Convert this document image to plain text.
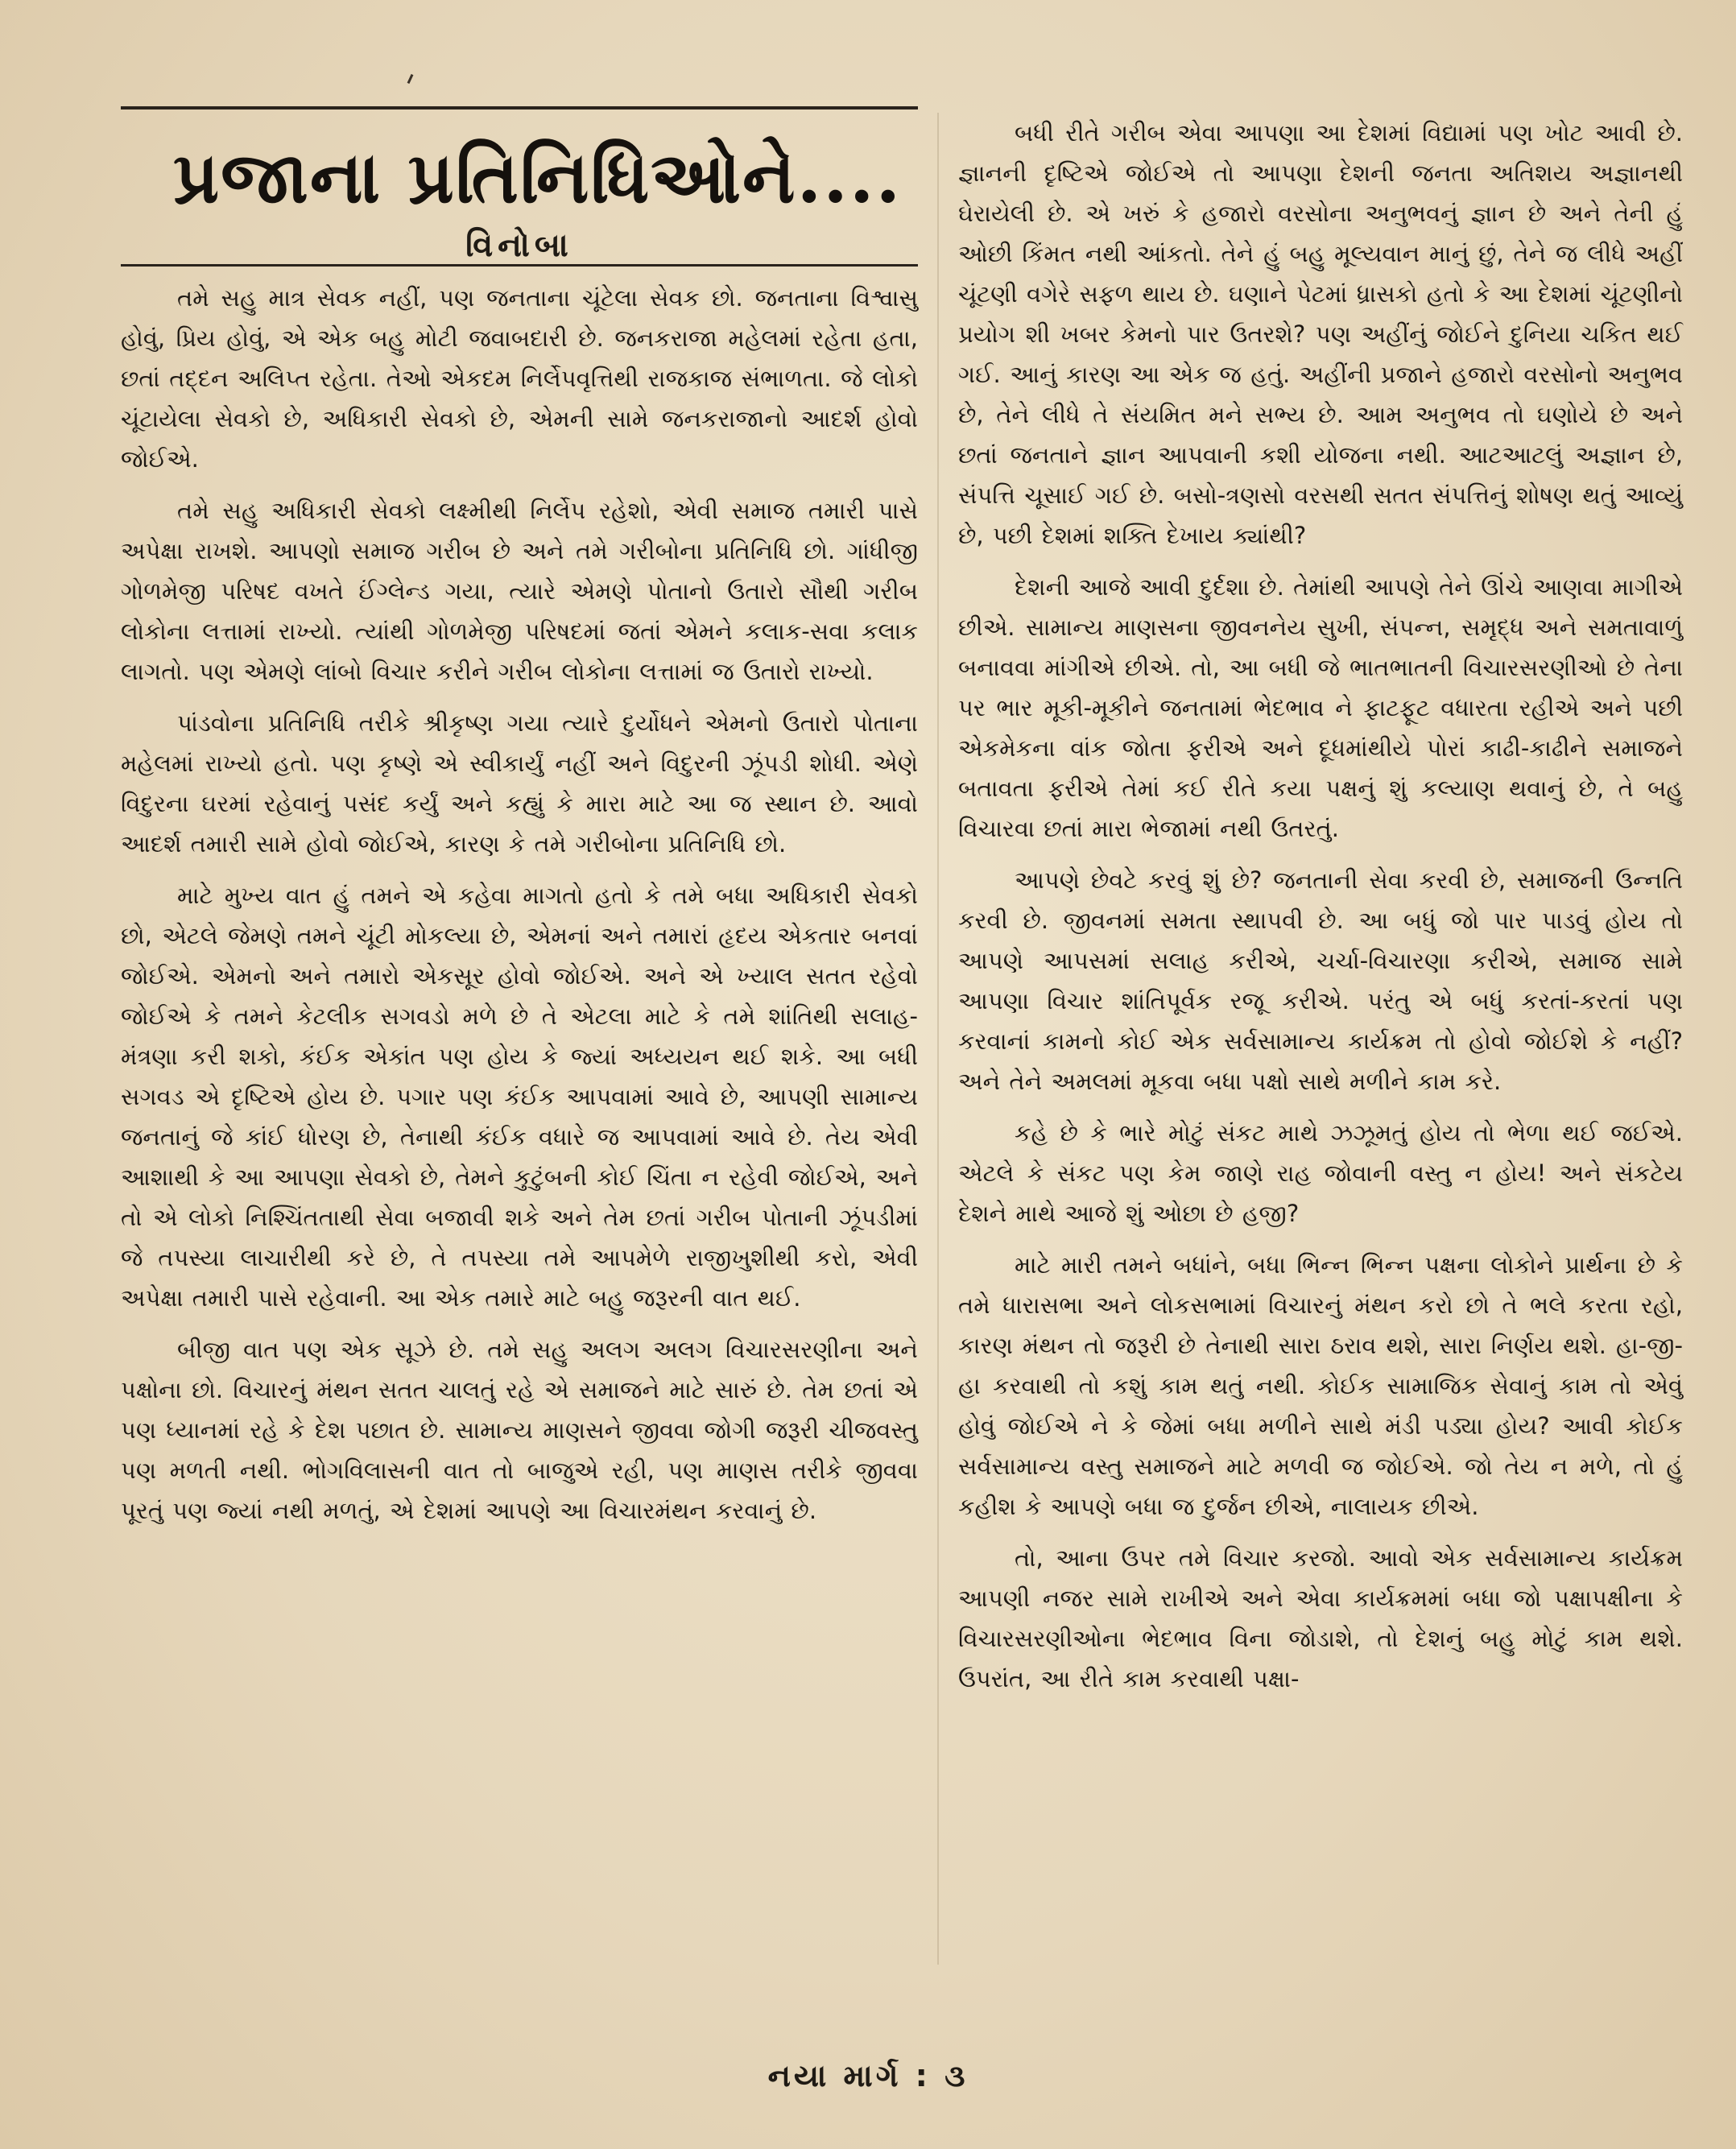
પ્રજાના પ્રતિનિધિઓને....
વિનોબા

તમે સહુ માત્ર સેવક નહીં, પણ જનતાના ચૂંટેલા સેવક છો. જનતાના વિશ્વાસુ હોવું, પ્રિય હોવું, એ એક બહુ મોટી જવાબદારી છે. જનકરાજા મહેલમાં રહેતા હતા, છતાં તદ્દન અલિપ્ત રહેતા. તેઓ એકદમ નિર્લેપવૃત્તિથી રાજકાજ સંભાળતા. જે લોકો ચૂંટાયેલા સેવકો છે, અધિકારી સેવકો છે, એમની સામે જનકરાજાનો આદર્શ હોવો જોઈએ.

તમે સહુ અધિકારી સેવકો લક્ષ્મીથી નિર્લેપ રહેશો, એવી સમાજ તમારી પાસે અપેક્ષા રાખશે. આપણો સમાજ ગરીબ છે અને તમે ગરીબોના પ્રતિનિધિ છો. ગાંધીજી ગોળમેજી પરિષદ વખતે ઈંગ્લેન્ડ ગયા, ત્યારે એમણે પોતાનો ઉતારો સૌથી ગરીબ લોકોના લત્તામાં રાખ્યો. ત્યાંથી ગોળમેજી પરિષદમાં જતાં એમને કલાક-સવા કલાક લાગતો. પણ એમણે લાંબો વિચાર કરીને ગરીબ લોકોના લત્તામાં જ ઉતારો રાખ્યો.

પાંડવોના પ્રતિનિધિ તરીકે શ્રીકૃષ્ણ ગયા ત્યારે દુર્યોધને એમનો ઉતારો પોતાના મહેલમાં રાખ્યો હતો. પણ કૃષ્ણે એ સ્વીકાર્યું નહીં અને વિદુરની ઝૂંપડી શોધી. એણે વિદુરના ઘરમાં રહેવાનું પસંદ કર્યું અને કહ્યું કે મારા માટે આ જ સ્થાન છે. આવો આદર્શ તમારી સામે હોવો જોઈએ, કારણ કે તમે ગરીબોના પ્રતિનિધિ છો.

માટે મુખ્ય વાત હું તમને એ કહેવા માગતો હતો કે તમે બધા અધિકારી સેવકો છો, એટલે જેમણે તમને ચૂંટી મોકલ્યા છે, એમનાં અને તમારાં હૃદય એકતાર બનવાં જોઈએ. એમનો અને તમારો એકસૂર હોવો જોઈએ. અને એ ખ્યાલ સતત રહેવો જોઈએ કે તમને કેટલીક સગવડો મળે છે તે એટલા માટે કે તમે શાંતિથી સલાહ-મંત્રણા કરી શકો, કંઈક એકાંત પણ હોય કે જ્યાં અધ્યયન થઈ શકે. આ બધી સગવડ એ દૃષ્ટિએ હોય છે. પગાર પણ કંઈક આપવામાં આવે છે, આપણી સામાન્ય જનતાનું જે કાંઈ ધોરણ છે, તેનાથી કંઈક વધારે જ આપવામાં આવે છે. તેય એવી આશાથી કે આ આપણા સેવકો છે, તેમને કુટુંબની કોઈ ચિંતા ન રહેવી જોઈએ, અને તો એ લોકો નિશ્ચિંતતાથી સેવા બજાવી શકે અને તેમ છતાં ગરીબ પોતાની ઝૂંપડીમાં જે તપસ્યા લાચારીથી કરે છે, તે તપસ્યા તમે આપમેળે રાજીખુશીથી કરો, એવી અપેક્ષા તમારી પાસે રહેવાની. આ એક તમારે માટે બહુ જરૂરની વાત થઈ.

બીજી વાત પણ એક સૂઝે છે. તમે સહુ અલગ અલગ વિચારસરણીના અને પક્ષોના છો. વિચારનું મંથન સતત ચાલતું રહે એ સમાજને માટે સારું છે. તેમ છતાં એ પણ ધ્યાનમાં રહે કે દેશ પછાત છે. સામાન્ય માણસને જીવવા જોગી જરૂરી ચીજવસ્તુ પણ મળતી નથી. ભોગવિલાસની વાત તો બાજુએ રહી, પણ માણસ તરીકે જીવવા પૂરતું પણ જ્યાં નથી મળતું, એ દેશમાં આપણે આ વિચારમંથન કરવાનું છે.

બધી રીતે ગરીબ એવા આપણા આ દેશમાં વિદ્યામાં પણ ખોટ આવી છે. જ્ઞાનની દૃષ્ટિએ જોઈએ તો આપણા દેશની જનતા અતિશય અજ્ઞાનથી ઘેરાયેલી છે. એ ખરું કે હજારો વરસોના અનુભવનું જ્ઞાન છે અને તેની હું ઓછી કિંમત નથી આંકતો. તેને હું બહુ મૂલ્યવાન માનું છું, તેને જ લીધે અહીં ચૂંટણી વગેરે સફળ થાય છે. ઘણાને પેટમાં ધ્રાસકો હતો કે આ દેશમાં ચૂંટણીનો પ્રયોગ શી ખબર કેમનો પાર ઉતરશે? પણ અહીંનું જોઈને દુનિયા ચકિત થઈ ગઈ. આનું કારણ આ એક જ હતું. અહીંની પ્રજાને હજારો વરસોનો અનુભવ છે, તેને લીધે તે સંયમિત મને સભ્ય છે. આમ અનુભવ તો ઘણોયે છે અને છતાં જનતાને જ્ઞાન આપવાની કશી યોજના નથી. આટઆટલું અજ્ઞાન છે, સંપત્તિ ચૂસાઈ ગઈ છે. બસો-ત્રણસો વરસથી સતત સંપત્તિનું શોષણ થતું આવ્યું છે, પછી દેશમાં શક્તિ દેખાય ક્યાંથી?

દેશની આજે આવી દુર્દશા છે. તેમાંથી આપણે તેને ઊંચે આણવા માગીએ છીએ. સામાન્ય માણસના જીવનનેય સુખી, સંપન્ન, સમૃદ્ધ અને સમતાવાળું બનાવવા માંગીએ છીએ. તો, આ બધી જે ભાતભાતની વિચારસરણીઓ છે તેના પર ભાર મૂકી-મૂકીને જનતામાં ભેદભાવ ને ફાટફૂટ વધારતા રહીએ અને પછી એકમેકના વાંક જોતા ફરીએ અને દૂધમાંથીયે પોરાં કાઢી-કાઢીને સમાજને બતાવતા ફરીએ તેમાં કઈ રીતે કયા પક્ષનું શું કલ્યાણ થવાનું છે, તે બહુ વિચારવા છતાં મારા ભેજામાં નથી ઉતરતું.

આપણે છેવટે કરવું શું છે? જનતાની સેવા કરવી છે, સમાજની ઉન્નતિ કરવી છે. જીવનમાં સમતા સ્થાપવી છે. આ બધું જો પાર પાડવું હોય તો આપણે આપસમાં સલાહ કરીએ, ચર્ચા-વિચારણા કરીએ, સમાજ સામે આપણા વિચાર શાંતિપૂર્વક રજૂ કરીએ. પરંતુ એ બધું કરતાં-કરતાં પણ કરવાનાં કામનો કોઈ એક સર્વસામાન્ય કાર્યક્રમ તો હોવો જોઈશે કે નહીં? અને તેને અમલમાં મૂકવા બધા પક્ષો સાથે મળીને કામ કરે.

કહે છે કે ભારે મોટું સંકટ માથે ઝઝૂમતું હોય તો ભેળા થઈ જઈએ. એટલે કે સંકટ પણ કેમ જાણે રાહ જોવાની વસ્તુ ન હોય! અને સંકટેય દેશને માથે આજે શું ઓછા છે હજી?

માટે મારી તમને બધાંને, બધા ભિન્ન ભિન્ન પક્ષના લોકોને પ્રાર્થના છે કે તમે ધારાસભા અને લોકસભામાં વિચારનું મંથન કરો છો તે ભલે કરતા રહો, કારણ મંથન તો જરૂરી છે તેનાથી સારા ઠરાવ થશે, સારા નિર્ણય થશે. હા-જી-હા કરવાથી તો કશું કામ થતું નથી. કોઈક સામાજિક સેવાનું કામ તો એવું હોવું જોઈએ ને કે જેમાં બધા મળીને સાથે મંડી પડ્યા હોય? આવી કોઈક સર્વસામાન્ય વસ્તુ સમાજને માટે મળવી જ જોઈએ. જો તેય ન મળે, તો હું કહીશ કે આપણે બધા જ દુર્જન છીએ, નાલાયક છીએ.

તો, આના ઉપર તમે વિચાર કરજો. આવો એક સર્વસામાન્ય કાર્યક્રમ આપણી નજર સામે રાખીએ અને એવા કાર્યક્રમમાં બધા જો પક્ષાપક્ષીના કે વિચારસરણીઓના ભેદભાવ વિના જોડાશે, તો દેશનું બહુ મોટું કામ થશે. ઉપરાંત, આ રીતે કામ કરવાથી પક્ષા-

નયા માર્ગ : ૩
